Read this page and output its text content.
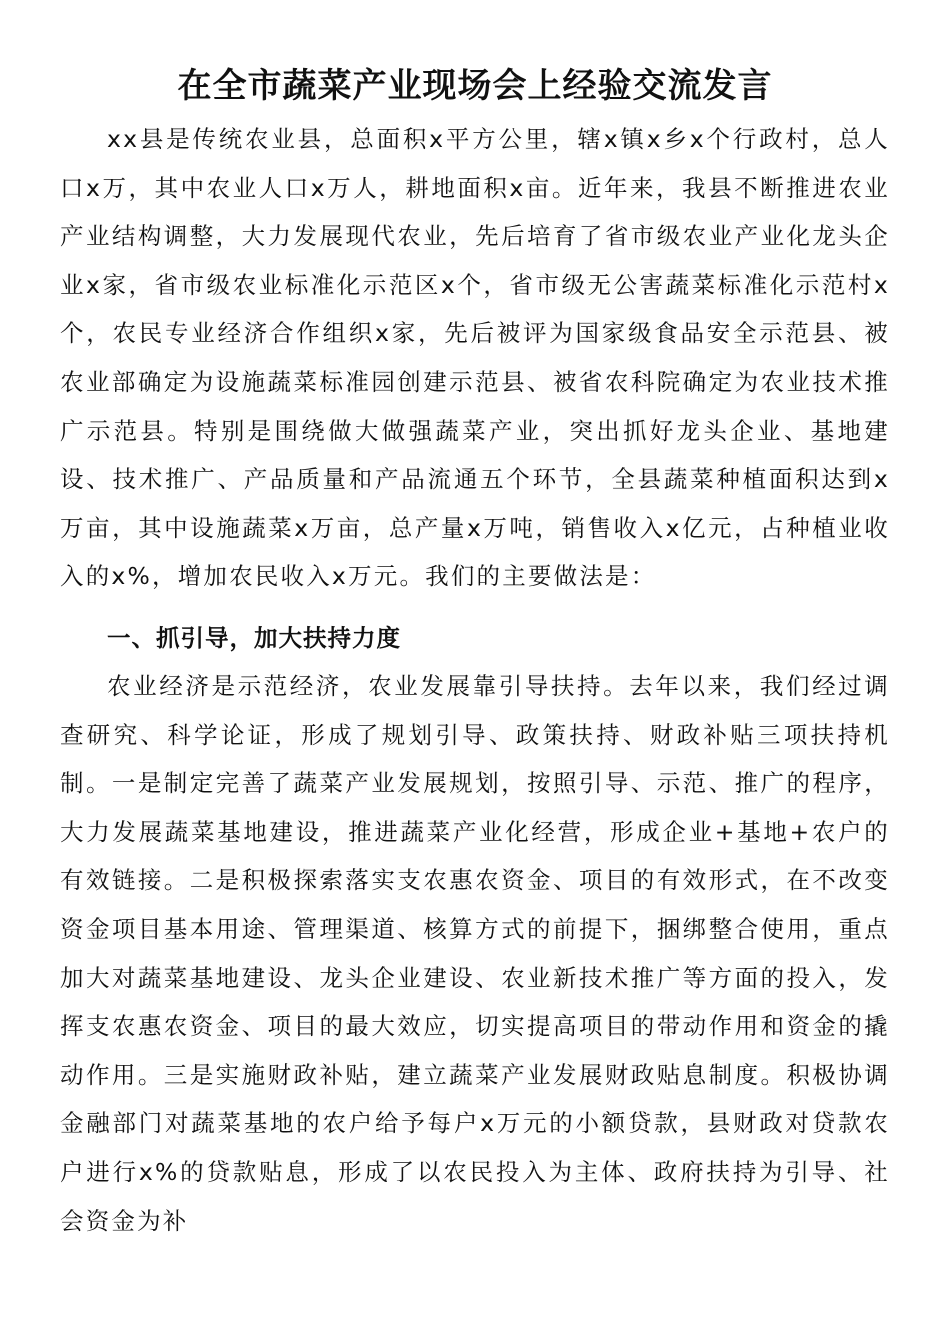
在全市蔬菜产业现场会上经验交流发言

xx县是传统农业县，总面积x平方公里，辖x镇x乡x个行政村，总人口x万，其中农业人口x万人，耕地面积x亩。近年来，我县不断推进农业产业结构调整，大力发展现代农业，先后培育了省市级农业产业化龙头企业x家，省市级农业标准化示范区x个，省市级无公害蔬菜标准化示范村x个，农民专业经济合作组织x家，先后被评为国家级食品安全示范县、被农业部确定为设施蔬菜标准园创建示范县、被省农科院确定为农业技术推广示范县。特别是围绕做大做强蔬菜产业，突出抓好龙头企业、基地建设、技术推广、产品质量和产品流通五个环节，全县蔬菜种植面积达到x万亩，其中设施蔬菜x万亩，总产量x万吨，销售收入x亿元，占种植业收入的x%，增加农民收入x万元。我们的主要做法是：

一、抓引导，加大扶持力度

农业经济是示范经济，农业发展靠引导扶持。去年以来，我们经过调查研究、科学论证，形成了规划引导、政策扶持、财政补贴三项扶持机制。一是制定完善了蔬菜产业发展规划，按照引导、示范、推广的程序，大力发展蔬菜基地建设，推进蔬菜产业化经营，形成企业+基地+农户的有效链接。二是积极探索落实支农惠农资金、项目的有效形式，在不改变资金项目基本用途、管理渠道、核算方式的前提下，捆绑整合使用，重点加大对蔬菜基地建设、龙头企业建设、农业新技术推广等方面的投入，发挥支农惠农资金、项目的最大效应，切实提高项目的带动作用和资金的撬动作用。三是实施财政补贴，建立蔬菜产业发展财政贴息制度。积极协调金融部门对蔬菜基地的农户给予每户x万元的小额贷款，县财政对贷款农户进行x%的贷款贴息，形成了以农民投入为主体、政府扶持为引导、社会资金为补
